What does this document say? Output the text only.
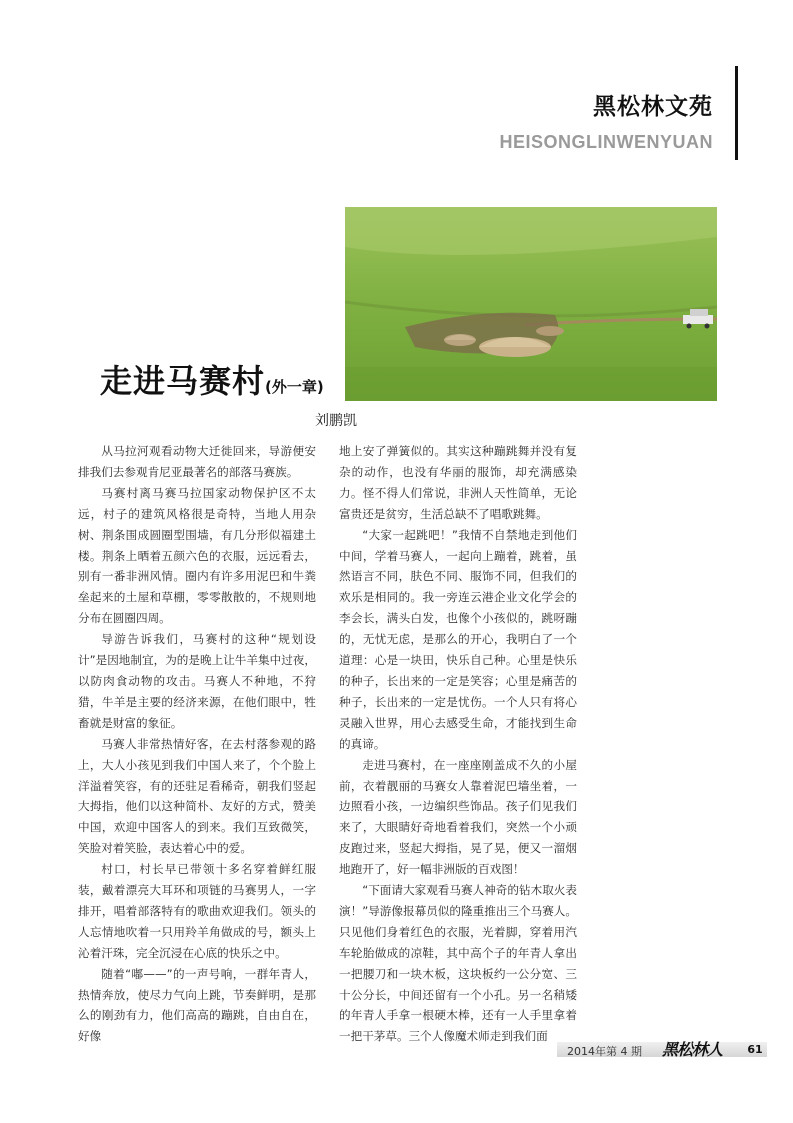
黑松林文苑
HEISONGLINWENYUAN
走进马赛村(外一章)
刘鹏凯

从马拉河观看动物大迁徙回来，导游便安排我们去参观肯尼亚最著名的部落马赛族。

马赛村离马赛马拉国家动物保护区不太远，村子的建筑风格很是奇特，当地人用杂树、荆条围成圆圈型围墙，有几分形似福建土楼。荆条上晒着五颜六色的衣服，远远看去，别有一番非洲风情。圈内有许多用泥巴和牛粪垒起来的土屋和草棚，零零散散的，不规则地分布在圆圈四周。

导游告诉我们，马赛村的这种“规划设计”是因地制宜，为的是晚上让牛羊集中过夜，以防肉食动物的攻击。马赛人不种地，不狩猎，牛羊是主要的经济来源，在他们眼中，牲畜就是财富的象征。

马赛人非常热情好客，在去村落参观的路上，大人小孩见到我们中国人来了，个个脸上洋溢着笑容，有的还驻足看稀奇，朝我们竖起大拇指，他们以这种简朴、友好的方式，赞美中国，欢迎中国客人的到来。我们互致微笑，笑脸对着笑脸，表达着心中的爱。

村口，村长早已带领十多名穿着鲜红服装，戴着漂亮大耳环和项链的马赛男人，一字排开，唱着部落特有的歌曲欢迎我们。领头的人忘情地吹着一只用羚羊角做成的号，额头上沁着汗珠，完全沉浸在心底的快乐之中。

随着“嘟——”的一声号响，一群年青人，热情奔放，使尽力气向上跳，节奏鲜明，是那么的刚劲有力，他们高高的蹦跳，自由自在，好像

地上安了弹簧似的。其实这种蹦跳舞并没有复杂的动作，也没有华丽的服饰，却充满感染力。怪不得人们常说，非洲人天性简单，无论富贵还是贫穷，生活总缺不了唱歌跳舞。

“大家一起跳吧！”我情不自禁地走到他们中间，学着马赛人，一起向上蹦着，跳着，虽然语言不同，肤色不同、服饰不同，但我们的欢乐是相同的。我一旁连云港企业文化学会的李会长，满头白发，也像个小孩似的，跳呀蹦的，无忧无虑，是那么的开心，我明白了一个道理：心是一块田，快乐自己种。心里是快乐的种子，长出来的一定是笑容；心里是痛苦的种子，长出来的一定是忧伤。一个人只有将心灵融入世界，用心去感受生命，才能找到生命的真谛。

走进马赛村，在一座座刚盖成不久的小屋前，衣着靓丽的马赛女人靠着泥巴墙坐着，一边照看小孩，一边编织些饰品。孩子们见我们来了，大眼睛好奇地看着我们，突然一个小顽皮跑过来，竖起大拇指，晃了晃，便又一溜烟地跑开了，好一幅非洲版的百戏图！

“下面请大家观看马赛人神奇的钻木取火表演！”导游像报幕员似的隆重推出三个马赛人。只见他们身着红色的衣服，光着脚，穿着用汽车轮胎做成的凉鞋，其中高个子的年青人拿出一把腰刀和一块木板，这块板约一公分宽、三十公分长，中间还留有一个小孔。另一名稍矮的年青人手拿一根硬木棒，还有一人手里拿着一把干茅草。三个人像魔术师走到我们面

2014年第 4 期 黑松林人	61
